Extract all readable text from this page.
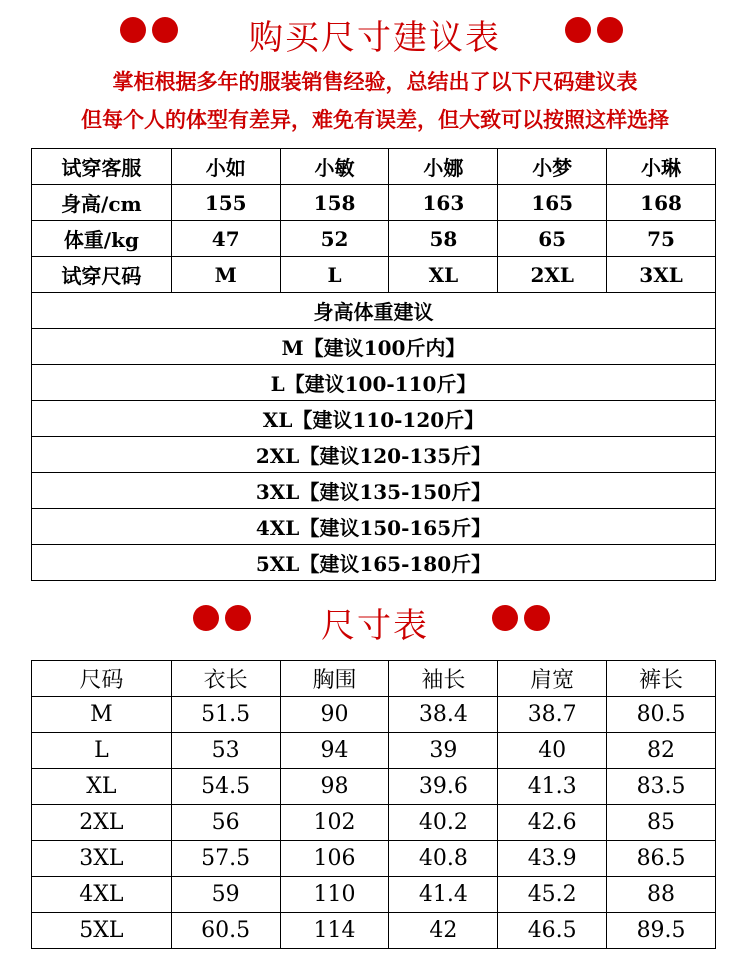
购买尺寸建议表
掌柜根据多年的服装销售经验，总结出了以下尺码建议表
但每个人的体型有差异，难免有误差，但大致可以按照这样选择
试穿客服	小如	小敏	小娜	小梦	小琳
身高/cm	155	158	163	165	168
体重/kg	47	52	58	65	75
试穿尺码	M	L	XL	2XL	3XL
身高体重建议					
M【建议100斤内】					
L【建议100-110斤】					
XL【建议110-120斤】					
2XL【建议120-135斤】					
3XL【建议135-150斤】					
4XL【建议150-165斤】					
5XL【建议165-180斤】					
尺寸表
尺码	衣长	胸围	袖长	肩宽	裤长
M	51.5	90	38.4	38.7	80.5
L	53	94	39	40	82
XL	54.5	98	39.6	41.3	83.5
2XL	56	102	40.2	42.6	85
3XL	57.5	106	40.8	43.9	86.5
4XL	59	110	41.4	45.2	88
5XL	60.5	114	42	46.5	89.5
